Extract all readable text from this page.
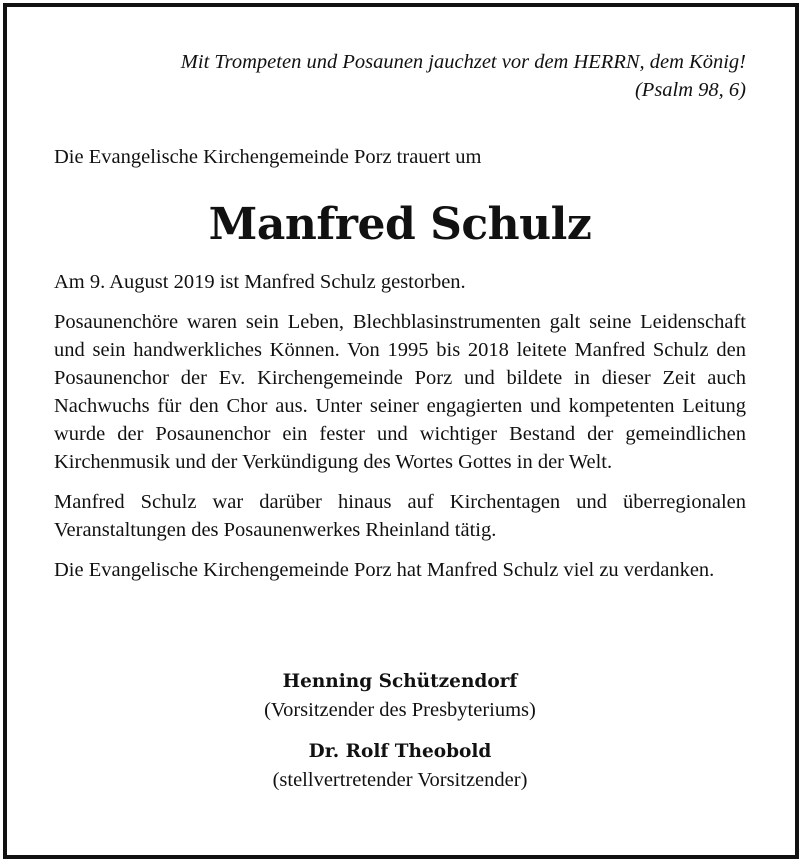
Mit Trompeten und Posaunen jauchzet vor dem HERRN, dem König!
(Psalm 98, 6)

Die Evangelische Kirchengemeinde Porz trauert um

Manfred Schulz

Am 9. August 2019 ist Manfred Schulz gestorben.

Posaunenchöre waren sein Leben, Blechblasinstrumenten galt seine Leidenschaft und sein handwerkliches Können. Von 1995 bis 2018 leitete Manfred Schulz den Posaunenchor der Ev. Kirchengemeinde Porz und bildete in dieser Zeit auch Nachwuchs für den Chor aus. Unter seiner engagierten und kompetenten Leitung wurde der Posaunenchor ein fester und wichtiger Bestand der gemeindlichen Kirchenmusik und der Verkündigung des Wortes Gottes in der Welt.

Manfred Schulz war darüber hinaus auf Kirchentagen und überregionalen Veranstaltungen des Posaunenwerkes Rheinland tätig.

Die Evangelische Kirchengemeinde Porz hat Manfred Schulz viel zu verdanken.

Henning Schützendorf

(Vorsitzender des Presbyteriums)

Dr. Rolf Theobold

(stellvertretender Vorsitzender)
